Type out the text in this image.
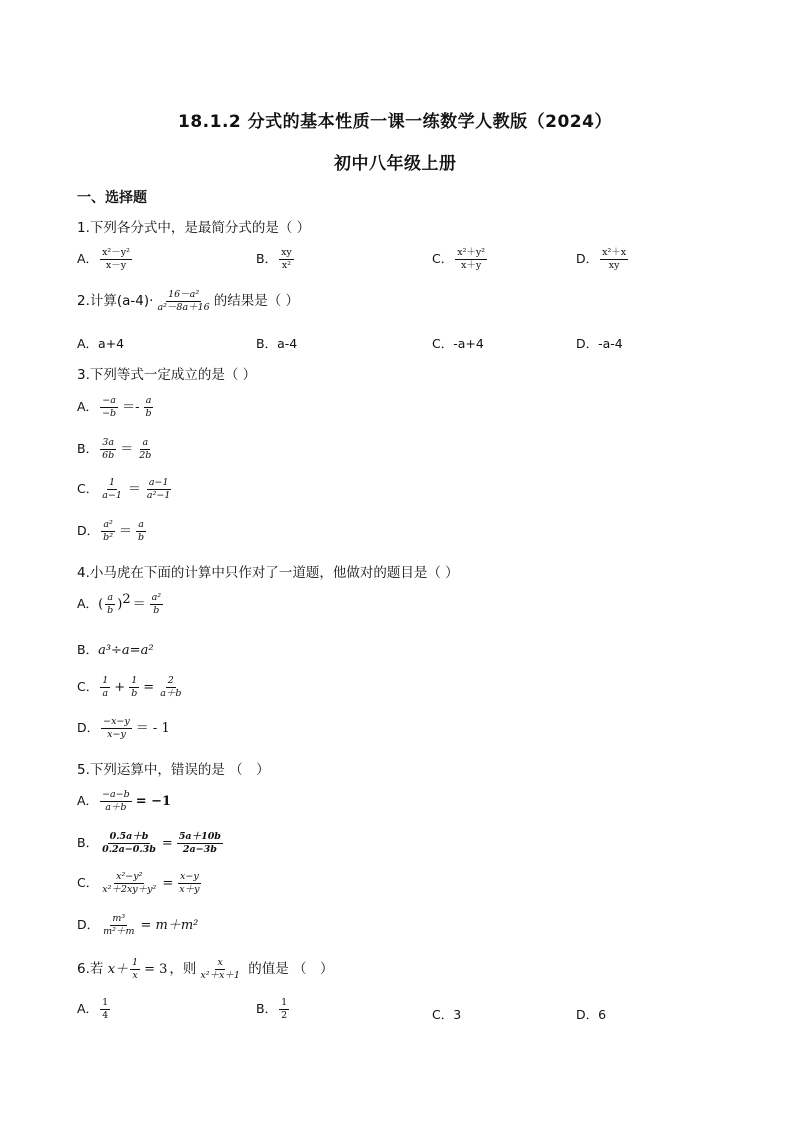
18.1.2 分式的基本性质一课一练数学人教版（2024）
初中八年级上册
一、选择题
1.下列各分式中，是最简分式的是（ ）
A． $\frac{\text{x²－y²}}{x-y}$	B． $\frac{xy}{\text{x²}}$	C． $\frac{\text{x²＋y²}}{x+y}$	D． $\frac{\text{x²＋x}}{xy}$
2.计算$(a-4)\cdot \frac{\text{16－a²}}{\text{a²－8a＋16}}$ 的结果是（ ）
A．a+4	B．a-4	C．-a+4	D．-a-4
3.下列等式一定成立的是（ ）
A． $\frac{-a}{-b} =- \frac{a}{b}$
B． $\frac{3a}{6b} = \frac{a}{2b}$
C． $\frac{1}{a-1} = \frac{a-1}{\text{a²−1}}$
D． $\frac{\text{a²}}{\text{b²}} = \frac{a}{b}$
4.小马虎在下面的计算中只作对了一道题，他做对的题目是（ ）
A．( $\frac{a}{b} )^2 = \frac{\text{a²}}{b}$
B．a³÷a=a²
C． $\frac{1}{a} + \frac{1}{b} = \frac{2}{a+b}$
D． $\frac{-x-y}{x-y}$ ＝ - 1
5.下列运算中，错误的是 （　）
A． $\frac{-a-b}{a+b} = -1$
B． $\frac{0.5a+b}{0.2a-0.3b} = \frac{5a+10b}{2a-3b}$
C． $\frac{\text{x²−y²}}{\text{x²＋2xy＋y²}} = \frac{x-y}{x+y}$
D． $\frac{\text{m³}}{\text{m²＋m}} = m+m^2$
6.若 $x+ \frac{1}{x} = 3$ ，则 $\frac{x}{\text{x²＋x＋1}}$ 的值是 （　）
A． $\frac{1}{4}$	B． $\frac{1}{2}$	C．3	D．6
